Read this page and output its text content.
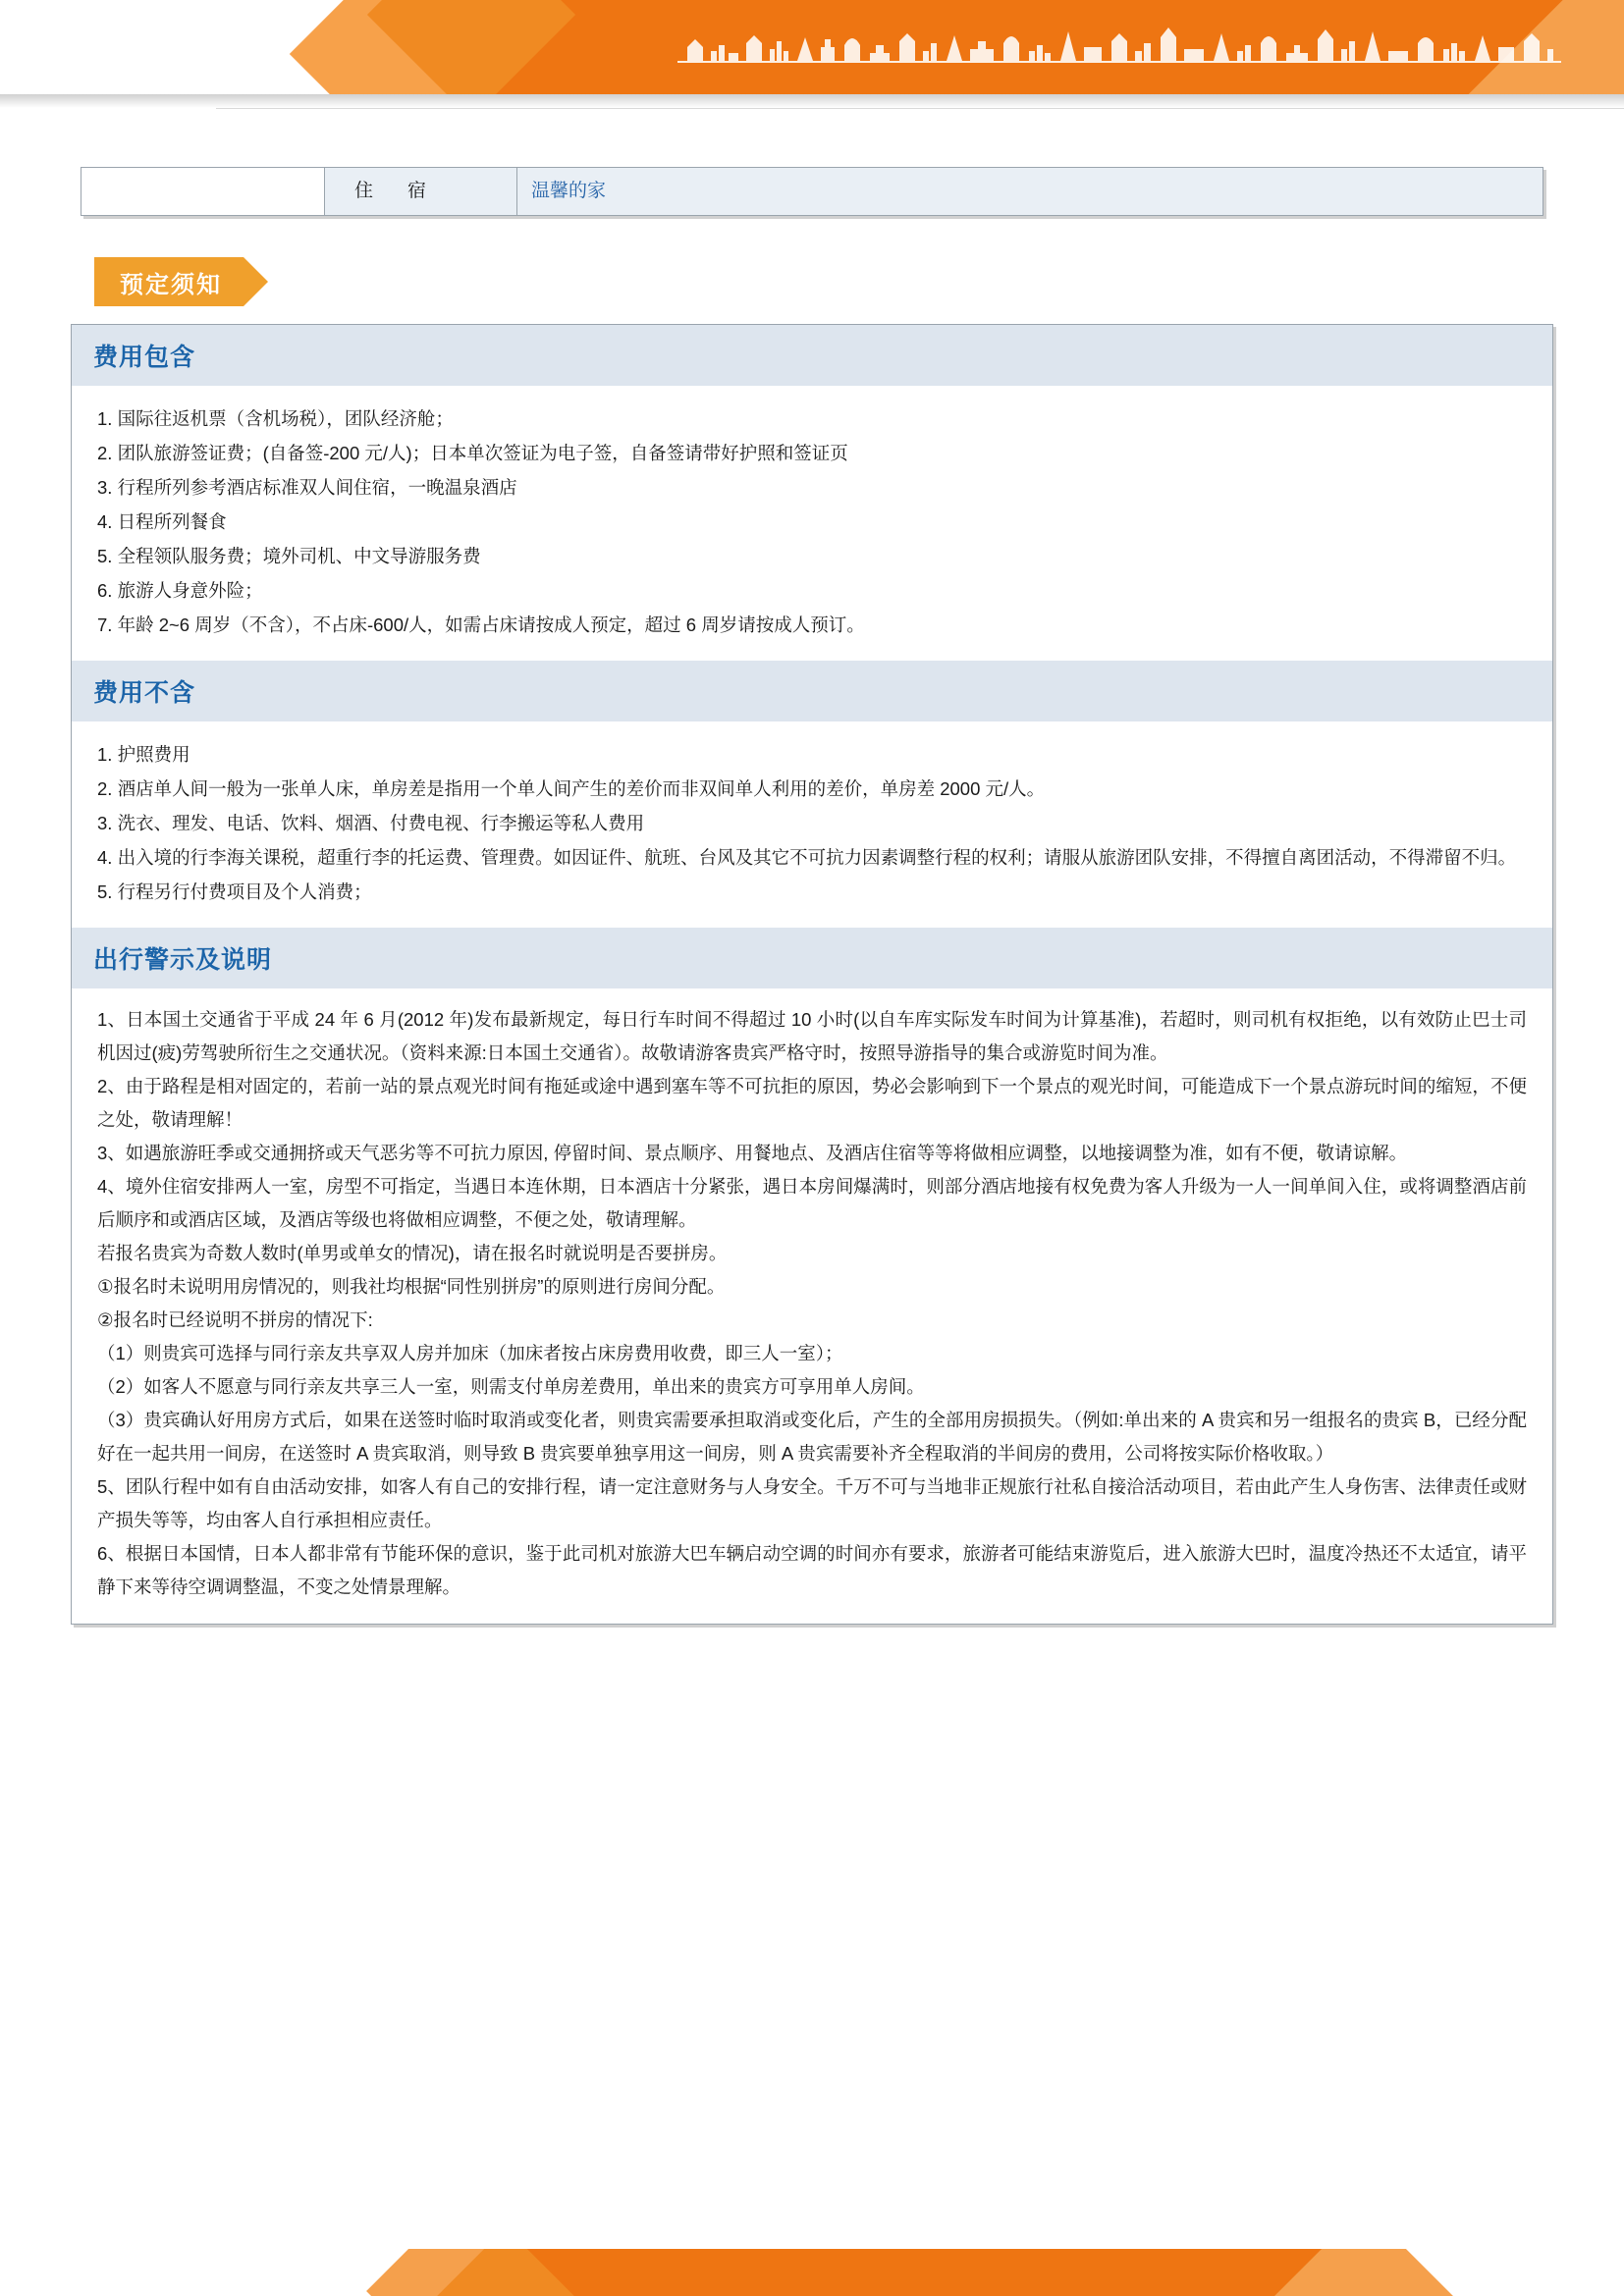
住　宿	温馨的家
预定须知
费用包含

1. 国际往返机票（含机场税），团队经济舱；

2. 团队旅游签证费；(自备签-200 元/人)；日本单次签证为电子签，自备签请带好护照和签证页

3. 行程所列参考酒店标准双人间住宿，一晚温泉酒店

4. 日程所列餐食

5. 全程领队服务费；境外司机、中文导游服务费

6. 旅游人身意外险；

7. 年龄 2~6 周岁（不含），不占床-600/人，如需占床请按成人预定，超过 6 周岁请按成人预订。

费用不含

1. 护照费用

2. 酒店单人间一般为一张单人床，单房差是指用一个单人间产生的差价而非双间单人利用的差价，单房差 2000 元/人。

3. 洗衣、理发、电话、饮料、烟酒、付费电视、行李搬运等私人费用

4. 出入境的行李海关课税，超重行李的托运费、管理费。如因证件、航班、台风及其它不可抗力因素调整行程的权利；请服从旅游团队安排，不得擅自离团活动，不得滞留不归。

5. 行程另行付费项目及个人消费；

出行警示及说明

1、日本国土交通省于平成 24 年 6 月(2012 年)发布最新规定，每日行车时间不得超过 10 小时(以自车库实际发车时间为计算基准)，若超时，则司机有权拒绝，以有效防止巴士司机因过(疲)劳驾驶所衍生之交通状况。（资料来源:日本国土交通省）。故敬请游客贵宾严格守时，按照导游指导的集合或游览时间为准。

2、由于路程是相对固定的，若前一站的景点观光时间有拖延或途中遇到塞车等不可抗拒的原因，势必会影响到下一个景点的观光时间，可能造成下一个景点游玩时间的缩短，不便之处，敬请理解！

3、如遇旅游旺季或交通拥挤或天气恶劣等不可抗力原因, 停留时间、景点顺序、用餐地点、及酒店住宿等等将做相应调整，以地接调整为准，如有不便，敬请谅解。

4、境外住宿安排两人一室，房型不可指定，当遇日本连休期，日本酒店十分紧张，遇日本房间爆满时，则部分酒店地接有权免费为客人升级为一人一间单间入住，或将调整酒店前后顺序和或酒店区域，及酒店等级也将做相应调整，不便之处，敬请理解。

若报名贵宾为奇数人数时(单男或单女的情况)，请在报名时就说明是否要拼房。

①报名时未说明用房情况的，则我社均根据“同性别拼房”的原则进行房间分配。

②报名时已经说明不拼房的情况下:

（1）则贵宾可选择与同行亲友共享双人房并加床（加床者按占床房费用收费，即三人一室）；

（2）如客人不愿意与同行亲友共享三人一室，则需支付单房差费用，单出来的贵宾方可享用单人房间。

（3）贵宾确认好用房方式后，如果在送签时临时取消或变化者，则贵宾需要承担取消或变化后，产生的全部用房损损失。（例如:单出来的 A 贵宾和另一组报名的贵宾 B，已经分配好在一起共用一间房，在送签时 A 贵宾取消，则导致 B 贵宾要单独享用这一间房，则 A 贵宾需要补齐全程取消的半间房的费用，公司将按实际价格收取。）

5、团队行程中如有自由活动安排，如客人有自己的安排行程，请一定注意财务与人身安全。千万不可与当地非正规旅行社私自接洽活动项目，若由此产生人身伤害、法律责任或财产损失等等，均由客人自行承担相应责任。

6、根据日本国情，日本人都非常有节能环保的意识，鉴于此司机对旅游大巴车辆启动空调的时间亦有要求，旅游者可能结束游览后，进入旅游大巴时，温度冷热还不太适宜，请平静下来等待空调调整温，不变之处情景理解。
